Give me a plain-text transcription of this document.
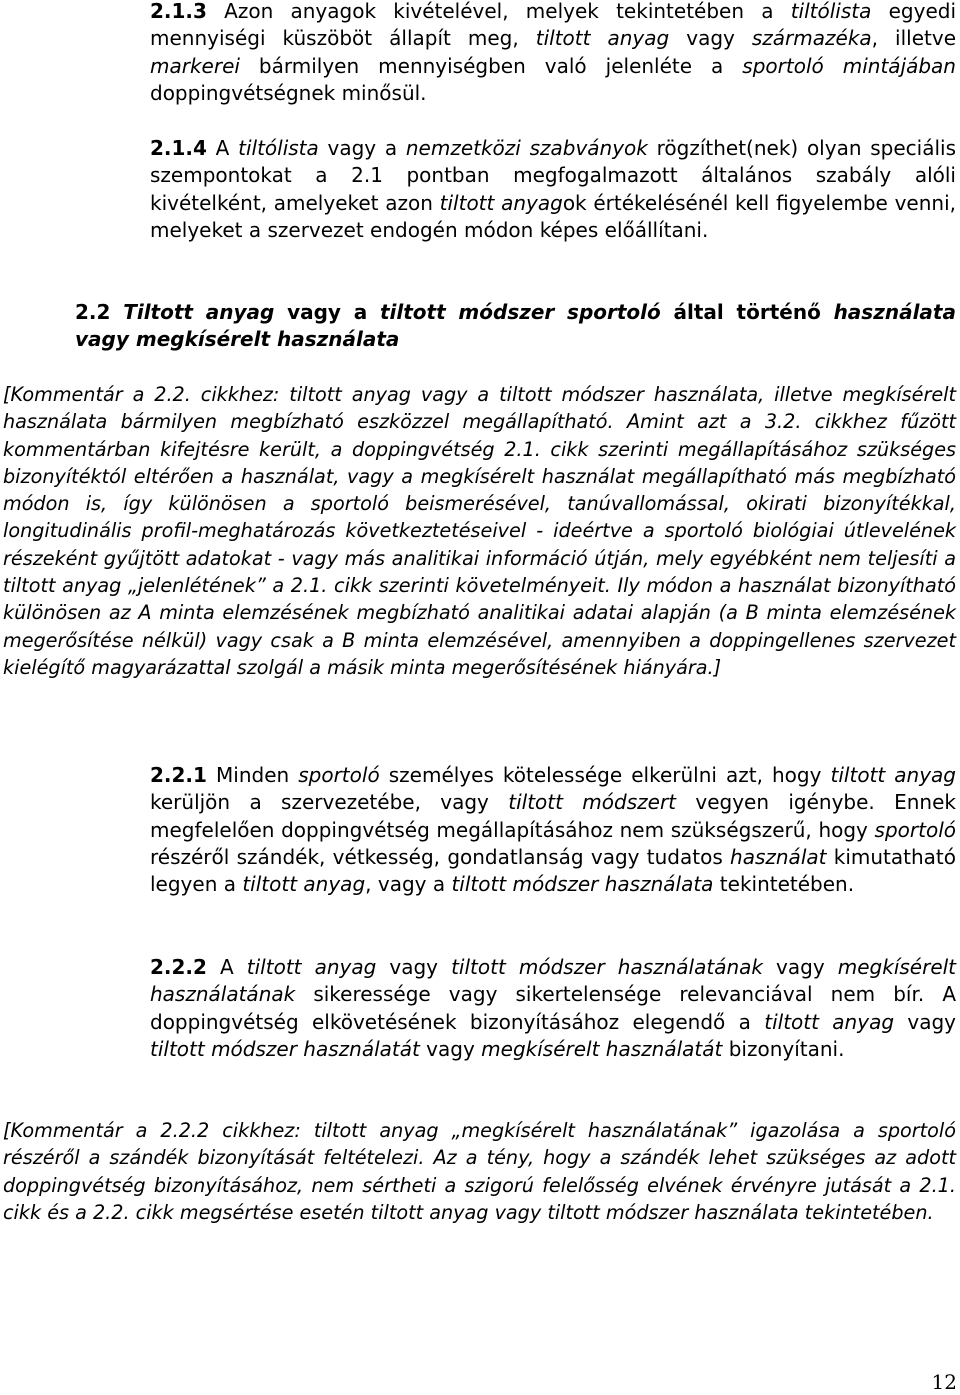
2.1.3 Azon anyagok kivételével, melyek tekintetében a tiltólista egyedi mennyiségi küszöböt állapít meg, tiltott anyag vagy származéka, illetve markerei bármilyen mennyiségben való jelenléte a sportoló mintájában doppingvétségnek minősül.

2.1.4 A tiltólista vagy a nemzetközi szabványok rögzíthet(nek) olyan speciális szempontokat a 2.1 pontban megfogalmazott általános szabály alóli kivételként, amelyeket azon tiltott anyagok értékelésénél kell figyelembe venni, melyeket a szervezet endogén módon képes előállítani.

2.2 Tiltott anyag vagy a tiltott módszer sportoló által történő használata vagy megkísérelt használata

[Kommentár a 2.2. cikkhez: tiltott anyag vagy a tiltott módszer használata, illetve megkísérelt használata bármilyen megbízható eszközzel megállapítható. Amint azt a 3.2. cikkhez fűzött kommentárban kifejtésre került, a doppingvétség 2.1. cikk szerinti megállapításához szükséges bizonyítéktól eltérően a használat, vagy a megkísérelt használat megállapítható más megbízható módon is, így különösen a sportoló beismerésével, tanúvallomással, okirati bizonyítékkal, longitudinális profil-meghatározás következtetéseivel - ideértve a sportoló biológiai útlevelének részeként gyűjtött adatokat - vagy más analitikai információ útján, mely egyébként nem teljesíti a tiltott anyag „jelenlétének” a 2.1. cikk szerinti követelményeit. Ily módon a használat bizonyítható különösen az A minta elemzésének megbízható analitikai adatai alapján (a B minta elemzésének megerősítése nélkül) vagy csak a B minta elemzésével, amennyiben a doppingellenes szervezet kielégítő magyarázattal szolgál a másik minta megerősítésének hiányára.]

2.2.1 Minden sportoló személyes kötelessége elkerülni azt, hogy tiltott anyag kerüljön a szervezetébe, vagy tiltott módszert vegyen igénybe. Ennek megfelelően doppingvétség megállapításához nem szükségszerű, hogy sportoló részéről szándék, vétkesség, gondatlanság vagy tudatos használat kimutatható legyen a tiltott anyag, vagy a tiltott módszer használata tekintetében.

2.2.2 A tiltott anyag vagy tiltott módszer használatának vagy megkísérelt használatának sikeressége vagy sikertelensége relevanciával nem bír. A doppingvétség elkövetésének bizonyításához elegendő a tiltott anyag vagy tiltott módszer használatát vagy megkísérelt használatát bizonyítani.

[Kommentár a 2.2.2 cikkhez: tiltott anyag „megkísérelt használatának” igazolása a sportoló részéről a szándék bizonyítását feltételezi. Az a tény, hogy a szándék lehet szükséges az adott doppingvétség bizonyításához, nem sértheti a szigorú felelősség elvének érvényre jutását a 2.1. cikk és a 2.2. cikk megsértése esetén tiltott anyag vagy tiltott módszer használata tekintetében.

12
